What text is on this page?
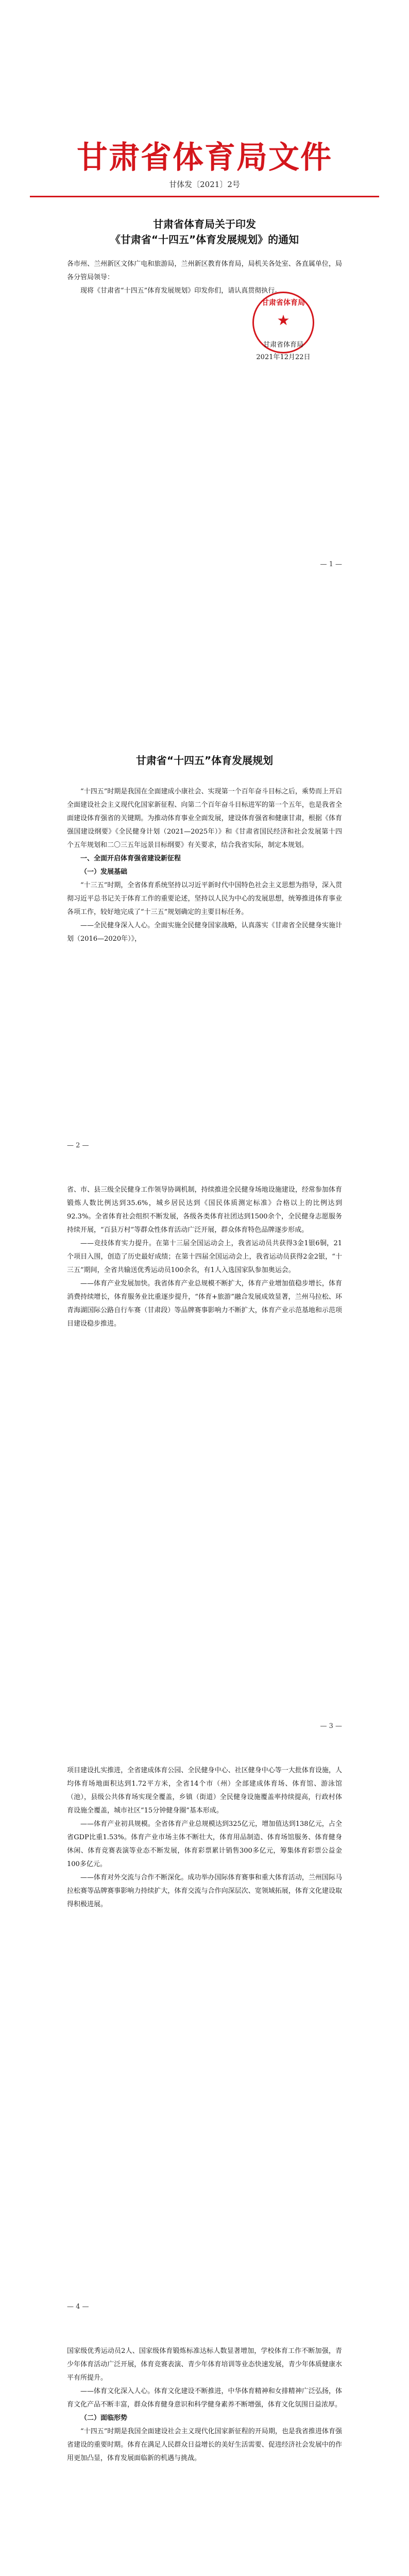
甘肃省体育局文件
甘体发〔2021〕2号

甘肃省体育局关于印发

《甘肃省“十四五”体育发展规划》的通知

各市州、兰州新区文体广电和旅游局，兰州新区教育体育局，局机关各处室、各直属单位，局各分管局领导：

现将《甘肃省“十四五”体育发展规划》印发你们，请认真贯彻执行。

甘肃省体育局
★
甘肃省体育局
2021年12月22日
— 1 —

甘肃省“十四五”体育发展规划

“十四五”时期是我国在全面建成小康社会、实现第一个百年奋斗目标之后，乘势而上开启全面建设社会主义现代化国家新征程、向第二个百年奋斗目标进军的第一个五年，也是我省全面建设体育强省的关键期。为推动体育事业全面发展，建设体育强省和健康甘肃，根据《体育强国建设纲要》《全民健身计划（2021—2025年）》和《甘肃省国民经济和社会发展第十四个五年规划和二〇三五年远景目标纲要》有关要求，结合我省实际，制定本规划。

一、全面开启体育强省建设新征程

（一）发展基础

“十三五”时期，全省体育系统坚持以习近平新时代中国特色社会主义思想为指导，深入贯彻习近平总书记关于体育工作的重要论述，坚持以人民为中心的发展思想，统筹推进体育事业各项工作，较好地完成了“十三五”规划确定的主要目标任务。

——全民健身深入人心。全面实施全民健身国家战略，认真落实《甘肃省全民健身实施计划（2016—2020年）》，

— 2 —

省、市、县三级全民健身工作领导协调机制，持续推进全民健身场地设施建设，经常参加体育锻炼人数比例达到35.6%，城乡居民达到《国民体质测定标准》合格以上的比例达到92.3%。全省体育社会组织不断发展，各级各类体育社团达到1500余个，全民健身志愿服务持续开展，“百县万村”等群众性体育活动广泛开展，群众体育特色品牌逐步形成。

——竞技体育实力提升。在第十三届全国运动会上，我省运动员共获得3金1银6铜，21个项目入围，创造了历史最好成绩；在第十四届全国运动会上，我省运动员获得2金2银，“十三五”期间，全省共输送优秀运动员100余名，有1人入选国家队参加奥运会。

——体育产业发展加快。我省体育产业总规模不断扩大，体育产业增加值稳步增长，体育消费持续增长，体育服务业比重逐步提升，“体育+旅游”融合发展成效显著，兰州马拉松、环青海湖国际公路自行车赛（甘肃段）等品牌赛事影响力不断扩大，体育产业示范基地和示范项目建设稳步推进。

— 3 —

项目建设扎实推进，全省建成体育公园、全民健身中心、社区健身中心等一大批体育设施，人均体育场地面积达到1.72平方米，全省14个市（州）全部建成体育场、体育馆、游泳馆（池），县级公共体育场实现全覆盖，乡镇（街道）全民健身设施覆盖率持续提高，行政村体育设施全覆盖，城市社区“15分钟健身圈”基本形成。

——体育产业初具规模。全省体育产业总规模达到325亿元，增加值达到138亿元，占全省GDP比重1.53%。体育产业市场主体不断壮大，体育用品制造、体育场馆服务、体育健身休闲、体育竞赛表演等业态不断发展，体育彩票累计销售300多亿元，筹集体育彩票公益金100多亿元。

——体育对外交流与合作不断深化。成功举办国际体育赛事和重大体育活动，兰州国际马拉松赛等品牌赛事影响力持续扩大，体育交流与合作向深层次、宽领域拓展，体育文化建设取得积极进展。

— 4 —

国家级优秀运动员2人、国家级体育锻炼标准达标人数显著增加，学校体育工作不断加强，青少年体育活动广泛开展，体育竞赛表演、青少年体育培训等业态快速发展，青少年体质健康水平有所提升。

——体育文化深入人心。体育文化建设不断推进，中华体育精神和女排精神广泛弘扬，体育文化产品不断丰富，群众体育健身意识和科学健身素养不断增强，体育文化氛围日益浓厚。

（二）面临形势

“十四五”时期是我国全面建设社会主义现代化国家新征程的开局期，也是我省推进体育强省建设的重要时期。体育在满足人民群众日益增长的美好生活需要、促进经济社会发展中的作用更加凸显，体育发展面临新的机遇与挑战。
